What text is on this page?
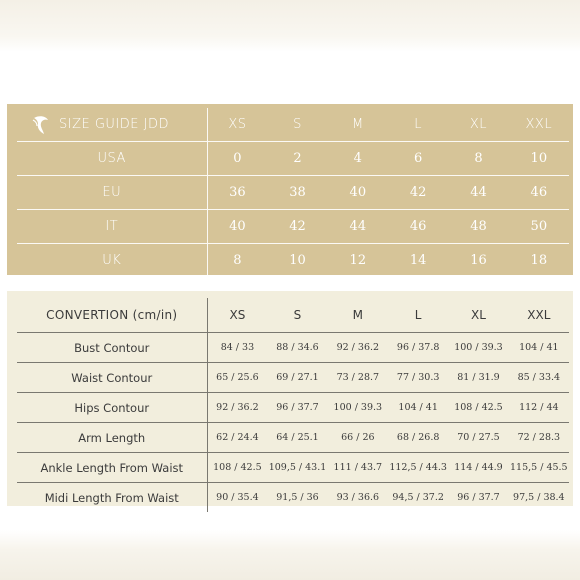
SIZE GUIDE JDD	XS	S	M	L	XL	XXL
USA	0	2	4	6	8	10
EU	36	38	40	42	44	46
IT	40	42	44	46	48	50
UK	8	10	12	14	16	18
CONVERTION (cm/in)	XS	S	M	L	XL	XXL
Bust Contour	84 / 33	88 / 34.6	92 / 36.2	96 / 37.8	100 / 39.3	104 / 41
Waist Contour	65 / 25.6	69 / 27.1	73 / 28.7	77 / 30.3	81 / 31.9	85 / 33.4
Hips Contour	92 / 36.2	96 / 37.7	100 / 39.3	104 / 41	108 / 42.5	112 / 44
Arm Length	62 / 24.4	64 / 25.1	66 / 26	68 / 26.8	70 / 27.5	72 / 28.3
Ankle Length From Waist	108 / 42.5	109,5 / 43.1	111 / 43.7	112,5 / 44.3	114 / 44.9	115,5 / 45.5
Midi Length From Waist	90 / 35.4	91,5 / 36	93 / 36.6	94,5 / 37.2	96 / 37.7	97,5 / 38.4
